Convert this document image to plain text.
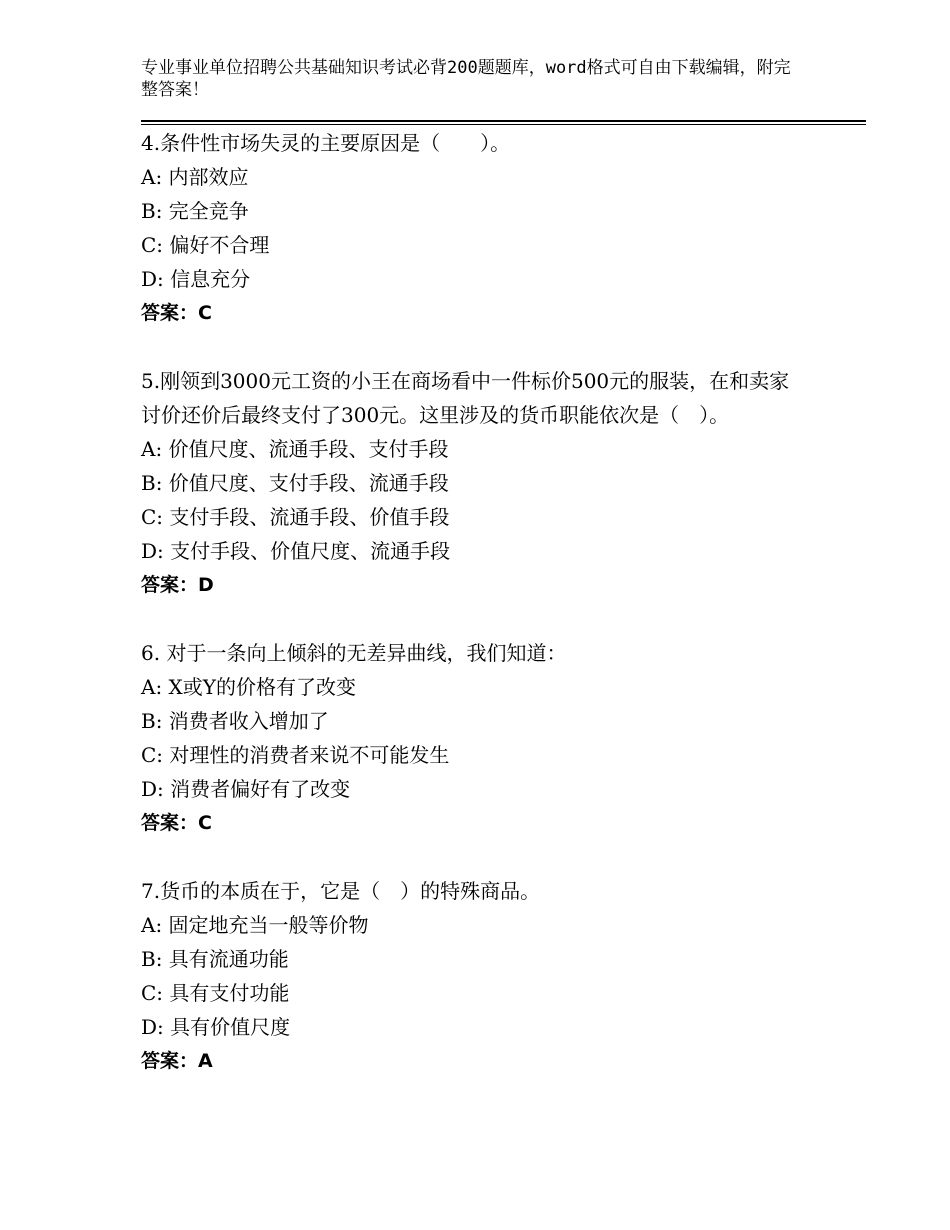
专业事业单位招聘公共基础知识考试必背200题题库，word格式可自由下载编辑，附完整答案！
4.条件性市场失灵的主要原因是（　　）。
A: 内部效应
B: 完全竞争
C: 偏好不合理
D: 信息充分
答案：C
5.刚领到3000元工资的小王在商场看中一件标价500元的服装，在和卖家讨价还价后最终支付了300元。这里涉及的货币职能依次是（　）。
A: 价值尺度、流通手段、支付手段
B: 价值尺度、支付手段、流通手段
C: 支付手段、流通手段、价值手段
D: 支付手段、价值尺度、流通手段
答案：D
6. 对于一条向上倾斜的无差异曲线，我们知道：
A: X或Y的价格有了改变
B: 消费者收入增加了
C: 对理性的消费者来说不可能发生
D: 消费者偏好有了改变
答案：C
7.货币的本质在于，它是（　）的特殊商品。
A: 固定地充当一般等价物
B: 具有流通功能
C: 具有支付功能
D: 具有价值尺度
答案：A
